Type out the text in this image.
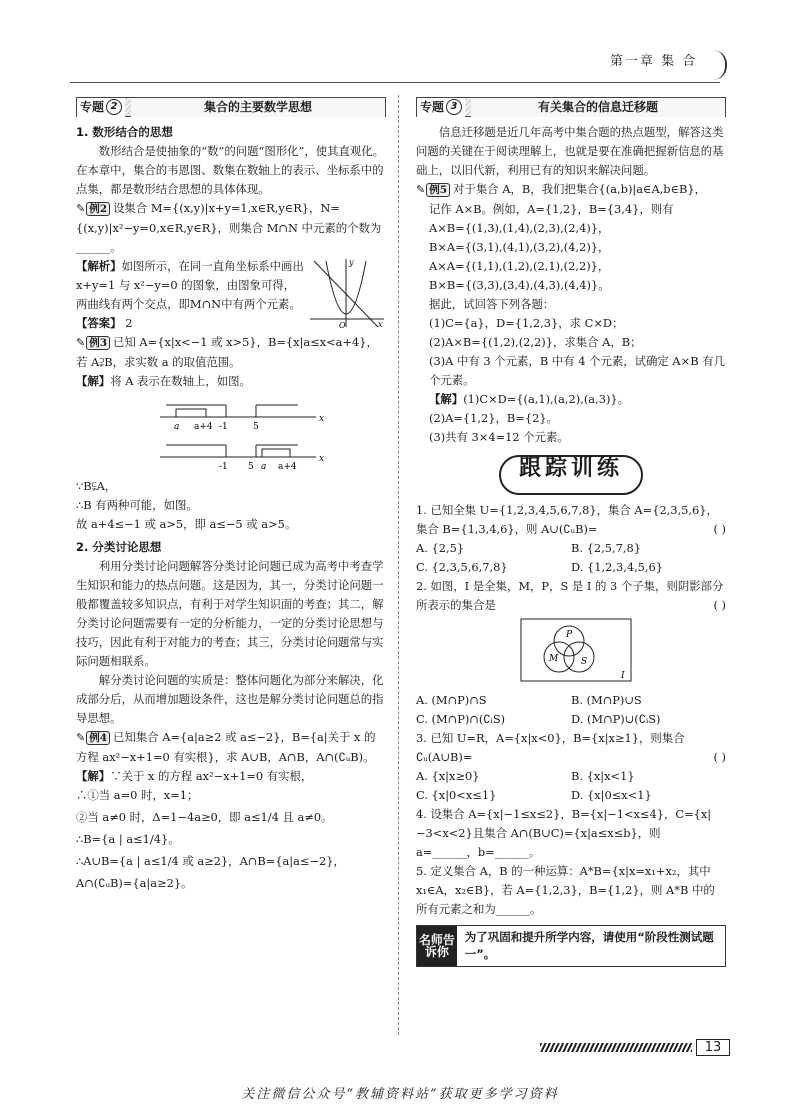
第一章 集 合
专题 2	集合的主要数学思想

1. 数形结合的思想

数形结合是使抽象的“数”的问题“图形化”，使其直观化。在本章中，集合的韦恩图、数集在数轴上的表示、坐标系中的点集，都是数形结合思想的具体体现。

✎ 例2 设集合 M={(x,y)|x+y=1,x∈R,y∈R}，N={(x,y)|x²−y=0,x∈R,y∈R}，则集合 M∩N 中元素的个数为______。

【解析】如图所示，在同一直角坐标系中画出 x+y=1 与 x²−y=0 的图象，由图象可得，两曲线有两个交点，即M∩N中有两个元素。

【答案】 2	O	x
y

✎ 例3 已知 A={x|x<−1 或 x>5}，B={x|a≤x<a+4}，若 A⫌B，求实数 a 的取值范围。

【解】将 A 表示在数轴上，如图。

a a+4 -1	5
x
-1 5 a a+4
x

∵B⫋A，

∴B 有两种可能，如图。

故 a+4≤−1 或 a>5，即 a≤−5 或 a>5。

2. 分类讨论思想

利用分类讨论问题解答分类讨论问题已成为高考中考查学生知识和能力的热点问题。这是因为，其一，分类讨论问题一般都覆盖较多知识点，有利于对学生知识面的考查；其二，解分类讨论问题需要有一定的分析能力，一定的分类讨论思想与技巧，因此有利于对能力的考查；其三，分类讨论问题常与实际问题相联系。

解分类讨论问题的实质是：整体问题化为部分来解决，化成部分后，从而增加题设条件，这也是解分类讨论问题总的指导思想。

✎ 例4 已知集合 A={a|a≥2 或 a≤−2}，B={a|关于 x 的方程 ax²−x+1=0 有实根}，求 A∪B，A∩B，A∩(∁ᵤB)。

【解】∵关于 x 的方程 ax²−x+1=0 有实根，

∴①当 a=0 时，x=1；

②当 a≠0 时，Δ=1−4a≥0，即 a≤1/4 且 a≠0。

∴B={a | a≤1/4}。

∴A∪B={a | a≤1/4 或 a≥2}，A∩B={a|a≤−2}，

A∩(∁ᵤB)={a|a≥2}。

专题 3	有关集合的信息迁移题

信息迁移题是近几年高考中集合题的热点题型，解答这类问题的关键在于阅读理解上，也就是要在准确把握新信息的基础上，以旧代新，利用已有的知识来解决问题。

✎ 例5 对于集合 A，B，我们把集合{(a,b)|a∈A,b∈B}，

记作 A×B。例如，A={1,2}，B={3,4}，则有

A×B={(1,3),(1,4),(2,3),(2,4)}，

B×A={(3,1),(4,1),(3,2),(4,2)}，

A×A={(1,1),(1,2),(2,1),(2,2)}，

B×B={(3,3),(3,4),(4,3),(4,4)}。

据此，试回答下列各题：

(1)C={a}，D={1,2,3}，求 C×D；

(2)A×B={(1,2),(2,2)}，求集合 A，B；

(3)A 中有 3 个元素，B 中有 4 个元素，试确定 A×B 有几个元素。

【解】(1)C×D={(a,1),(a,2),(a,3)}。

(2)A={1,2}，B={2}。

(3)共有 3×4=12 个元素。

跟踪训练

1. 已知全集 U={1,2,3,4,5,6,7,8}，集合 A={2,3,5,6}，集合 B={1,3,4,6}，则 A∪(∁ᵤB)=	( )

A. {2,5}	B. {2,5,7,8}
C. {2,3,5,6,7,8}	D. {1,2,3,4,5,6}

2. 如图，I 是全集，M，P，S 是 I 的 3 个子集，则阴影部分所表示的集合是	( )

P
M	S
I
A. (M∩P)∩S	B. (M∩P)∪S
C. (M∩P)∩(∁ᵢS)	D. (M∩P)∪(∁ᵢS)

3. 已知 U=R，A={x|x<0}，B={x|x≥1}，则集合 ∁ᵤ(A∪B)=	( )

A. {x|x≥0}	B. {x|x<1}
C. {x|0<x≤1}	D. {x|0≤x<1}

4. 设集合 A={x|−1≤x≤2}，B={x|−1<x≤4}，C={x|−3<x<2}且集合 A∩(B∪C)={x|a≤x≤b}，则 a=______，b=______。

5. 定义集合 A，B 的一种运算：A*B={x|x=x₁+x₂，其中 x₁∈A，x₂∈B}，若 A={1,2,3}，B={1,2}，则 A*B 中的所有元素之和为______。

名师告诉你
为了巩固和提升所学内容，请使用“阶段性测试题一”。
13
关注微信公众号“教辅资料站”获取更多学习资料
